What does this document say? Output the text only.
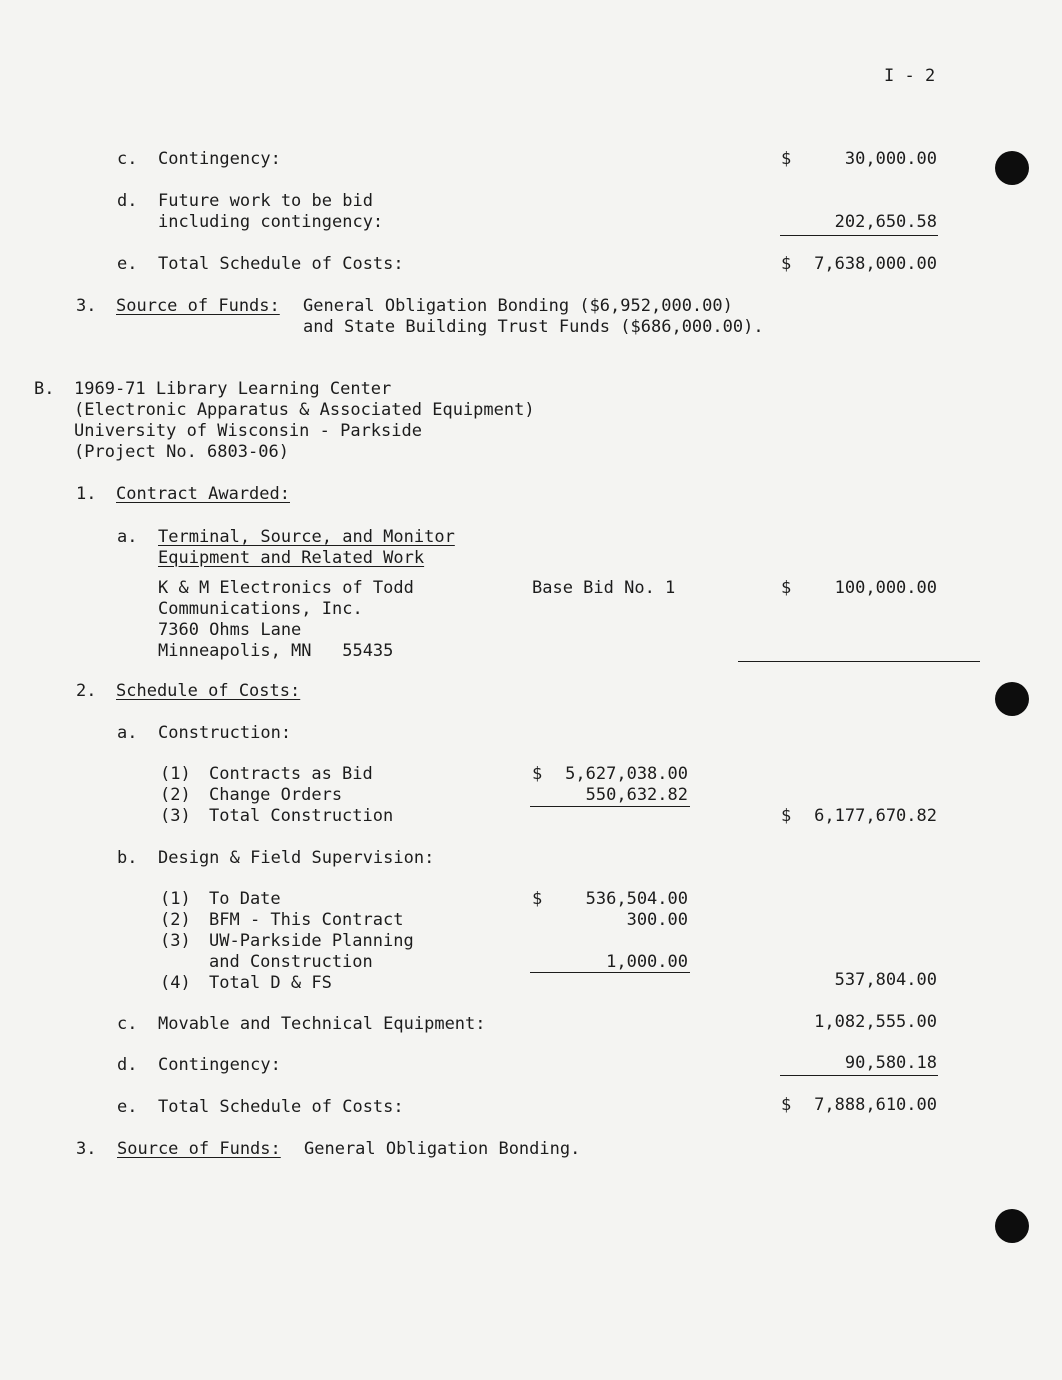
I - 2
c. Contingency:	$	30,000.00
d. Future work to be bid
including contingency:	202,650.58
e. Total Schedule of Costs:	$	7,638,000.00
3. Source of Funds: General Obligation Bonding ($6,952,000.00)
and State Building Trust Funds ($686,000.00).
B. 1969-71 Library Learning Center
(Electronic Apparatus & Associated Equipment)
University of Wisconsin - Parkside
(Project No. 6803-06)
1. Contract Awarded:
a. Terminal, Source, and Monitor
Equipment and Related Work
K & M Electronics of Todd
Communications, Inc.
7360 Ohms Lane
Minneapolis, MN   55435
Base Bid No. 1	$	100,000.00
2. Schedule of Costs:
a. Construction:
(1) Contracts as Bid	$	5,627,038.00
(2) Change Orders	550,632.82
(3) Total Construction	$	6,177,670.82
b. Design & Field Supervision:
(1) To Date	$	536,504.00
(2) BFM - This Contract	300.00
(3) UW-Parkside Planning
and Construction	1,000.00
(4) Total D & FS	537,804.00
c. Movable and Technical Equipment:	1,082,555.00
d. Contingency:	90,580.18
e. Total Schedule of Costs:	$	7,888,610.00
3. Source of Funds: General Obligation Bonding.
